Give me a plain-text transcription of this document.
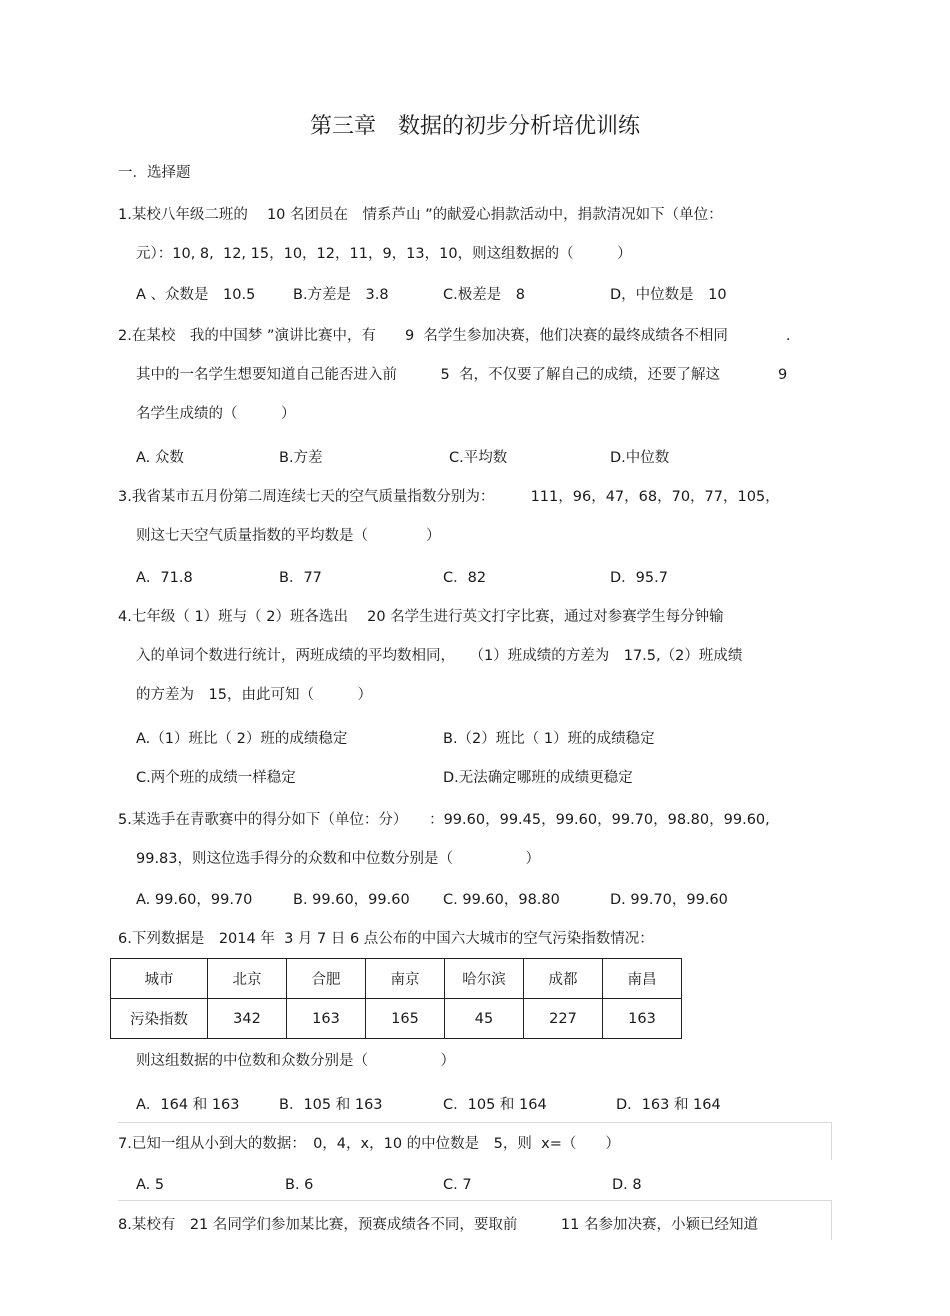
第三章　数据的初步分析培优训练
一．选择题
1.某校八年级二班的　 10 名团员在　情系芦山 ”的献爱心捐款活动中，捐款清况如下（单位：
元）：10, 8,  12, 15，10，12，11，9，13，10，则这组数据的（　　　）
A 、众数是　10.5	B.方差是　3.8	C.极差是　8	D，中位数是　10
2.在某校　我的中国梦 ”演讲比赛中，有　　9  名学生参加决赛，他们决赛的最终成绩各不相同　　　　.
其中的一名学生想要知道自己能否进入前　　　5  名，不仅要了解自己的成绩，还要了解这　　　　9
名学生成绩的（　　　）
A. 众数	B.方差	C.平均数	D.中位数
3.我省某市五月份第二周连续七天的空气质量指数分别为：　　　111，96，47，68，70，77，105，
则这七天空气质量指数的平均数是（　　　　）
A．71.8	B．77	C．82	D．95.7
4.七年级（ 1）班与（ 2）班各选出　 20 名学生进行英文打字比赛，通过对参赛学生每分钟输
入的单词个数进行统计，两班成绩的平均数相同，　　（1）班成绩的方差为　17.5,（2）班成绩
的方差为　15，由此可知（　　　）
A.（1）班比（ 2）班的成绩稳定	B.（2）班比（ 1）班的成绩稳定
C.两个班的成绩一样稳定	D.无法确定哪班的成绩更稳定
5.某选手在青歌赛中的得分如下（单位：分）　　：99.60，99.45，99.60，99.70，98.80，99.60,
99.83，则这位选手得分的众数和中位数分别是（　　　　　）
A. 99.60，99.70	B. 99.60，99.60 C. 99.60，98.80	D. 99.70，99.60
6.下列数据是　2014 年  3 月 7 日 6 点公布的中国六大城市的空气污染指数情况：
城市	北京	合肥	南京	哈尔滨	成都	南昌
污染指数	342	163	165	45	227	163
则这组数据的中位数和众数分别是（　　　　　）
A．164 和 163	B．105 和 163	C．105 和 164	D．163 和 164
7.已知一组从小到大的数据：　0，4，x，10 的中位数是　5，则  x=（　　）
A. 5	B. 6	C. 7	D. 8
8.某校有　21 名同学们参加某比赛，预赛成绩各不同，要取前　　　11 名参加决赛，小颖已经知道
